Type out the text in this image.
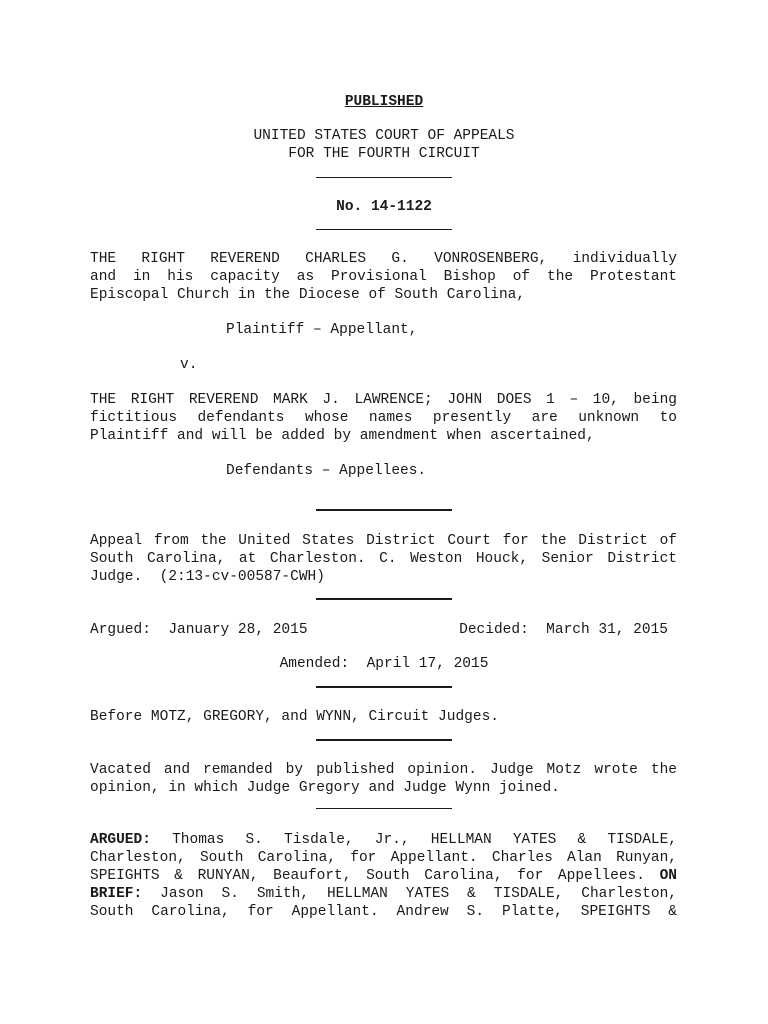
PUBLISHED
UNITED STATES COURT OF APPEALS
FOR THE FOURTH CIRCUIT
No. 14-1122
THE RIGHT REVEREND CHARLES G. VONROSENBERG, individually
and in his capacity as Provisional Bishop of the Protestant
Episcopal Church in the Diocese of South Carolina,
Plaintiff – Appellant,
v.
THE RIGHT REVEREND MARK J. LAWRENCE; JOHN DOES 1 – 10, being
fictitious defendants whose names presently are unknown to
Plaintiff and will be added by amendment when ascertained,
Defendants – Appellees.
Appeal from the United States District Court for the District of
South Carolina, at Charleston. C. Weston Houck, Senior District
Judge.  (2:13-cv-00587-CWH)
Argued:  January 28, 2015	Decided:  March 31, 2015
Amended:  April 17, 2015
Before MOTZ, GREGORY, and WYNN, Circuit Judges.
Vacated and remanded by published opinion. Judge Motz wrote the
opinion, in which Judge Gregory and Judge Wynn joined.
ARGUED: Thomas S. Tisdale, Jr., HELLMAN YATES & TISDALE,
Charleston, South Carolina, for Appellant. Charles Alan Runyan,
SPEIGHTS & RUNYAN, Beaufort, South Carolina, for Appellees. ON
BRIEF: Jason S. Smith, HELLMAN YATES & TISDALE, Charleston,
South Carolina, for Appellant. Andrew S. Platte, SPEIGHTS &
